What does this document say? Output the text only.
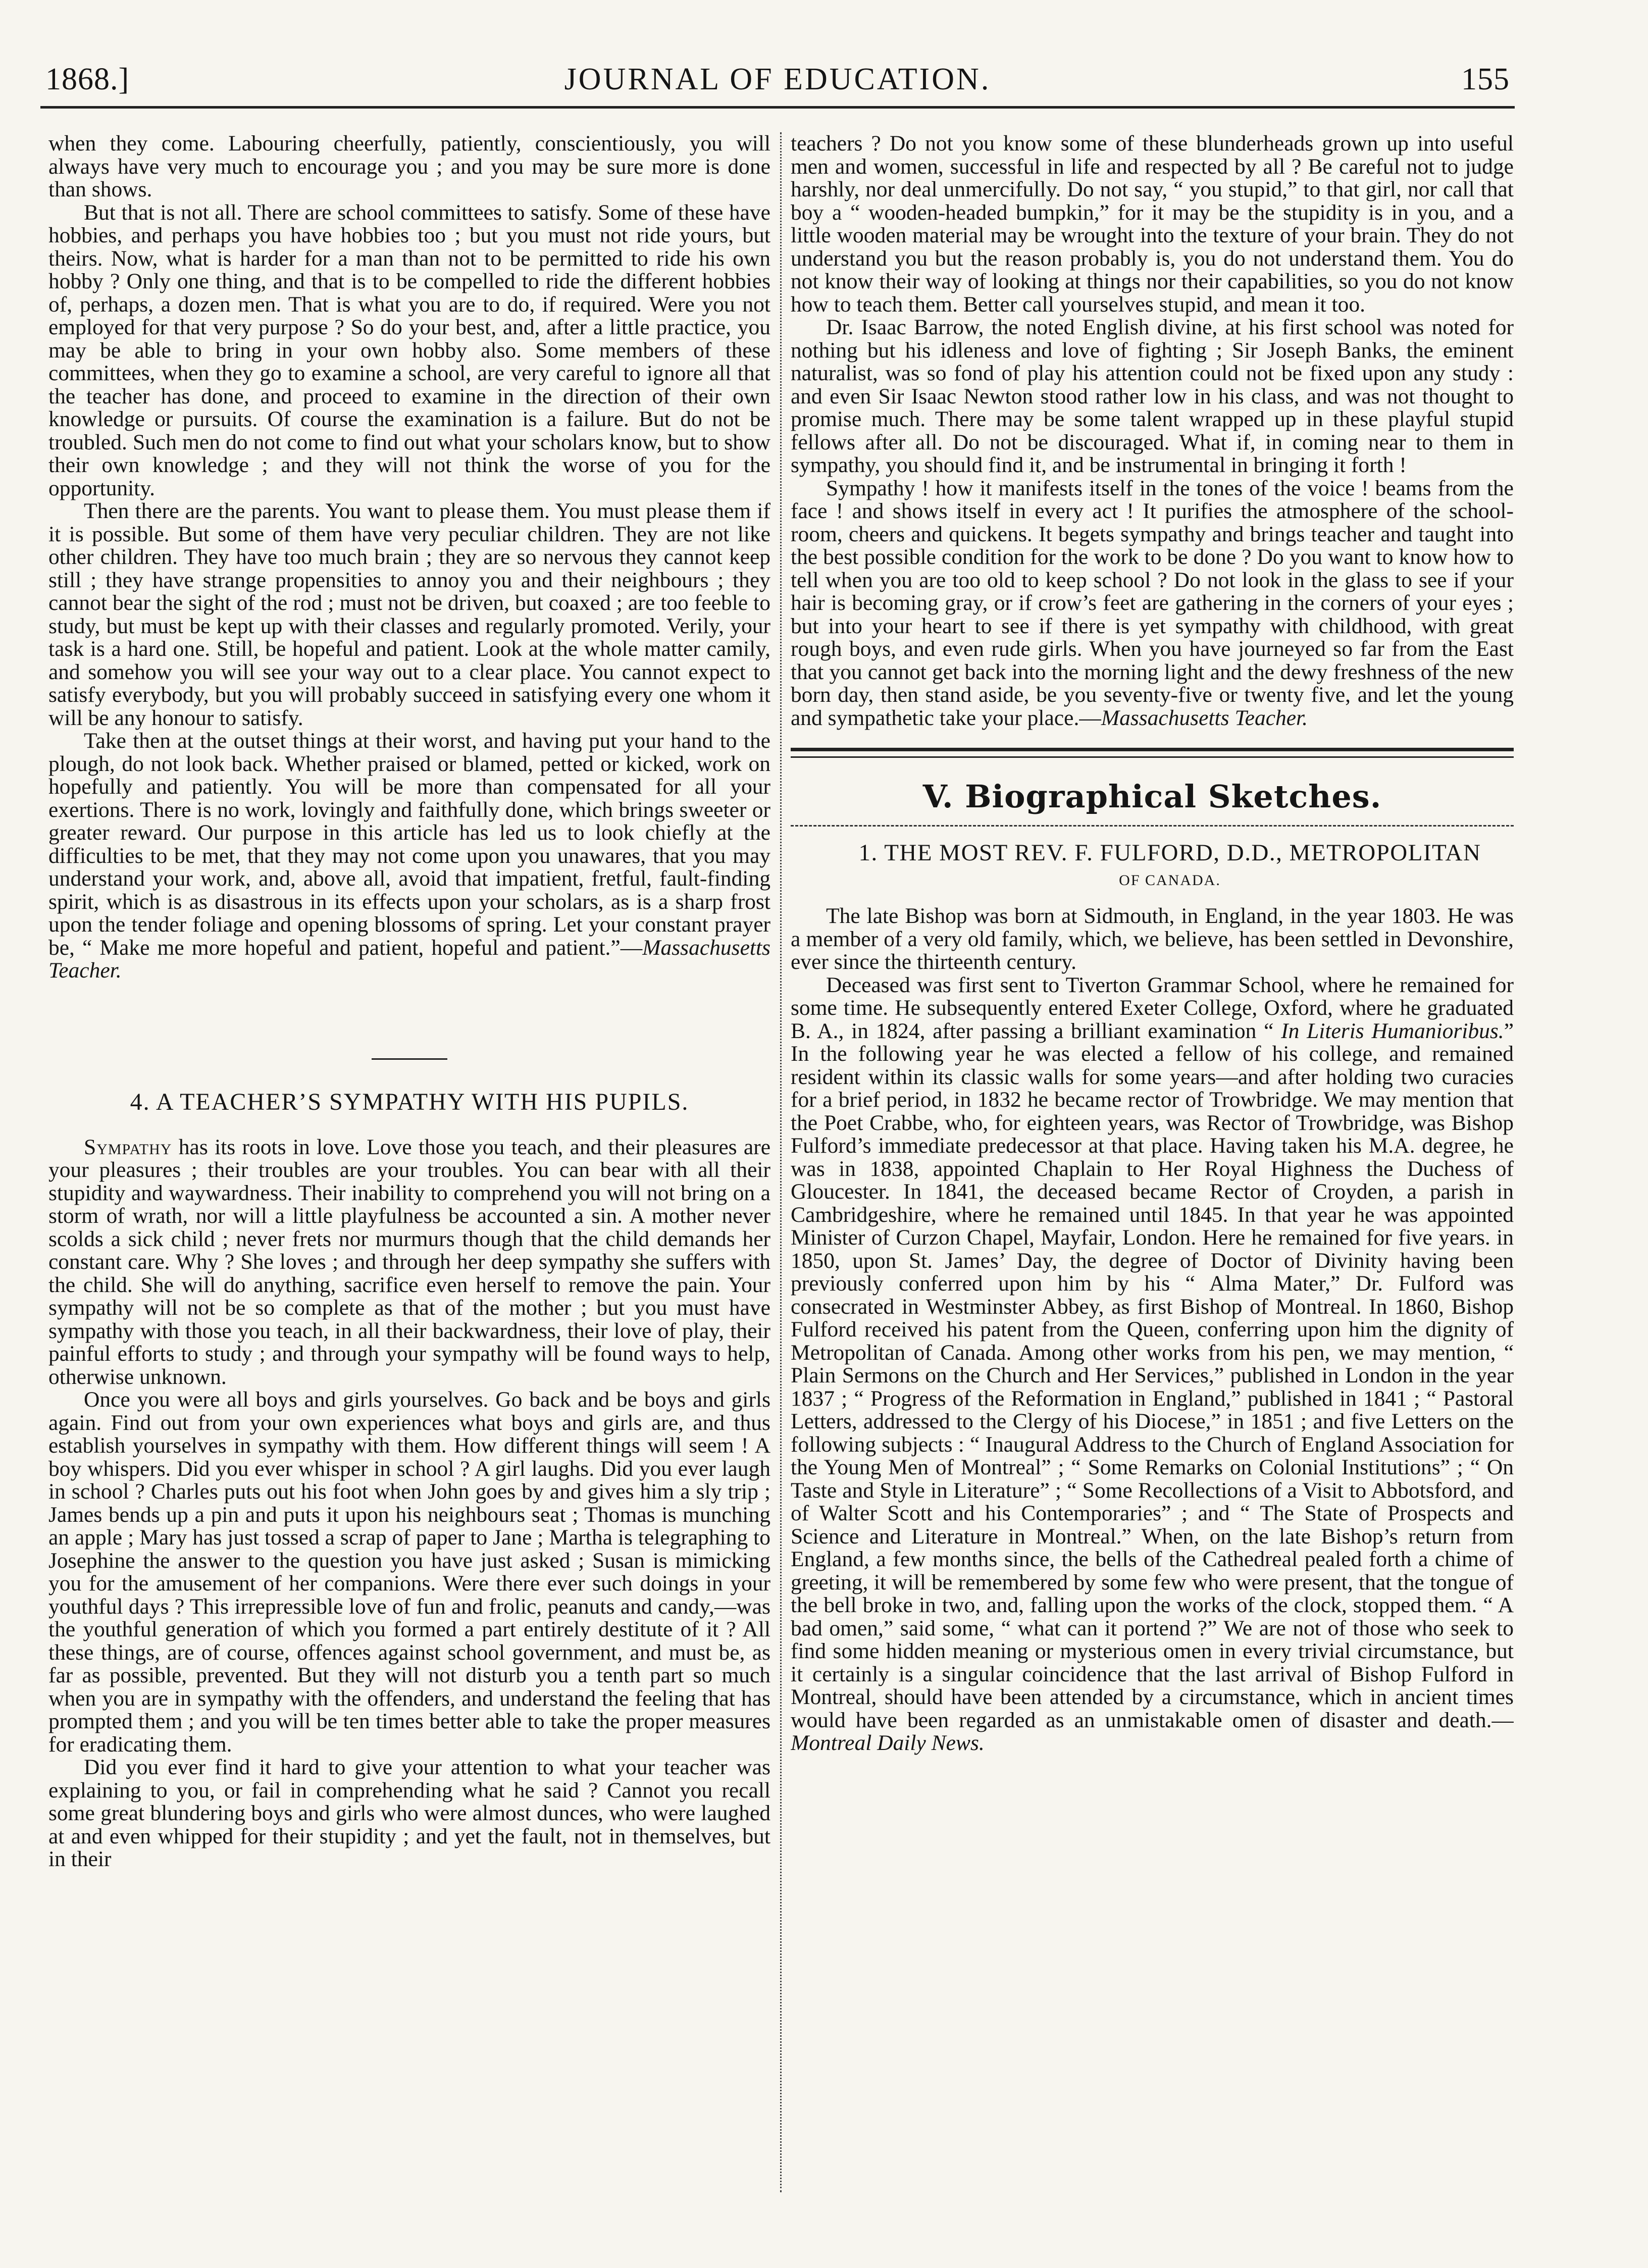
1868.]	JOURNAL OF EDUCATION.	155

when they come. Labouring cheerfully, patiently, conscientiously, you will always have very much to encourage you ; and you may be sure more is done than shows.

But that is not all. There are school committees to satisfy. Some of these have hobbies, and perhaps you have hobbies too ; but you must not ride yours, but theirs. Now, what is harder for a man than not to be permitted to ride his own hobby ? Only one thing, and that is to be compelled to ride the different hobbies of, perhaps, a dozen men. That is what you are to do, if required. Were you not employed for that very purpose ? So do your best, and, after a little practice, you may be able to bring in your own hobby also. Some members of these committees, when they go to examine a school, are very careful to ignore all that the teacher has done, and proceed to examine in the direction of their own knowledge or pursuits. Of course the examination is a failure. But do not be troubled. Such men do not come to find out what your scholars know, but to show their own knowledge ; and they will not think the worse of you for the opportunity.

Then there are the parents. You want to please them. You must please them if it is possible. But some of them have very peculiar children. They are not like other children. They have too much brain ; they are so nervous they cannot keep still ; they have strange propensities to annoy you and their neighbours ; they cannot bear the sight of the rod ; must not be driven, but coaxed ; are too feeble to study, but must be kept up with their classes and regularly promoted. Verily, your task is a hard one. Still, be hopeful and patient. Look at the whole matter camily, and somehow you will see your way out to a clear place. You cannot expect to satisfy everybody, but you will probably succeed in satisfying every one whom it will be any honour to satisfy.

Take then at the outset things at their worst, and having put your hand to the plough, do not look back. Whether praised or blamed, petted or kicked, work on hopefully and patiently. You will be more than compensated for all your exertions. There is no work, lovingly and faithfully done, which brings sweeter or greater reward. Our purpose in this article has led us to look chiefly at the difficulties to be met, that they may not come upon you unawares, that you may understand your work, and, above all, avoid that impatient, fretful, fault-finding spirit, which is as disastrous in its effects upon your scholars, as is a sharp frost upon the tender foliage and opening blossoms of spring. Let your constant prayer be, “ Make me more hopeful and patient, hopeful and patient.”—Massachusetts Teacher.

4. A TEACHER’S SYMPATHY WITH HIS PUPILS.

Sympathy has its roots in love. Love those you teach, and their pleasures are your pleasures ; their troubles are your troubles. You can bear with all their stupidity and waywardness. Their inability to comprehend you will not bring on a storm of wrath, nor will a little playfulness be accounted a sin. A mother never scolds a sick child ; never frets nor murmurs though that the child demands her constant care. Why ? She loves ; and through her deep sympathy she suffers with the child. She will do anything, sacrifice even herself to remove the pain. Your sympathy will not be so complete as that of the mother ; but you must have sympathy with those you teach, in all their backwardness, their love of play, their painful efforts to study ; and through your sympathy will be found ways to help, otherwise unknown.

Once you were all boys and girls yourselves. Go back and be boys and girls again. Find out from your own experiences what boys and girls are, and thus establish yourselves in sympathy with them. How different things will seem ! A boy whispers. Did you ever whisper in school ? A girl laughs. Did you ever laugh in school ? Charles puts out his foot when John goes by and gives him a sly trip ; James bends up a pin and puts it upon his neighbours seat ; Thomas is munching an apple ; Mary has just tossed a scrap of paper to Jane ; Martha is telegraphing to Josephine the answer to the question you have just asked ; Susan is mimicking you for the amusement of her companions. Were there ever such doings in your youthful days ? This irrepressible love of fun and frolic, peanuts and candy,—was the youthful generation of which you formed a part entirely destitute of it ? All these things, are of course, offences against school government, and must be, as far as possible, prevented. But they will not disturb you a tenth part so much when you are in sympathy with the offenders, and understand the feeling that has prompted them ; and you will be ten times better able to take the proper measures for eradicating them.

Did you ever find it hard to give your attention to what your teacher was explaining to you, or fail in comprehending what he said ? Cannot you recall some great blundering boys and girls who were almost dunces, who were laughed at and even whipped for their stupidity ; and yet the fault, not in themselves, but in their

teachers ? Do not you know some of these blunderheads grown up into useful men and women, successful in life and respected by all ? Be careful not to judge harshly, nor deal unmercifully. Do not say, “ you stupid,” to that girl, nor call that boy a “ wooden-headed bumpkin,” for it may be the stupidity is in you, and a little wooden material may be wrought into the texture of your brain. They do not understand you but the reason probably is, you do not understand them. You do not know their way of looking at things nor their capabilities, so you do not know how to teach them. Better call yourselves stupid, and mean it too.

Dr. Isaac Barrow, the noted English divine, at his first school was noted for nothing but his idleness and love of fighting ; Sir Joseph Banks, the eminent naturalist, was so fond of play his attention could not be fixed upon any study : and even Sir Isaac Newton stood rather low in his class, and was not thought to promise much. There may be some talent wrapped up in these playful stupid fellows after all. Do not be discouraged. What if, in coming near to them in sympathy, you should find it, and be instrumental in bringing it forth !

Sympathy ! how it manifests itself in the tones of the voice ! beams from the face ! and shows itself in every act ! It purifies the atmosphere of the school-room, cheers and quickens. It begets sympathy and brings teacher and taught into the best possible condition for the work to be done ? Do you want to know how to tell when you are too old to keep school ? Do not look in the glass to see if your hair is becoming gray, or if crow’s feet are gathering in the corners of your eyes ; but into your heart to see if there is yet sympathy with childhood, with great rough boys, and even rude girls. When you have journeyed so far from the East that you cannot get back into the morning light and the dewy freshness of the new born day, then stand aside, be you seventy-five or twenty five, and let the young and sympathetic take your place.—Massachusetts Teacher.

V. Biographical Sketches.

1. THE MOST REV. F. FULFORD, D.D., METROPOLITAN

OF CANADA.

The late Bishop was born at Sidmouth, in England, in the year 1803. He was a member of a very old family, which, we believe, has been settled in Devonshire, ever since the thirteenth century.

Deceased was first sent to Tiverton Grammar School, where he remained for some time. He subsequently entered Exeter College, Oxford, where he graduated B. A., in 1824, after passing a brilliant examination “ In Literis Humanioribus.” In the following year he was elected a fellow of his college, and remained resident within its classic walls for some years—and after holding two curacies for a brief period, in 1832 he became rector of Trowbridge. We may mention that the Poet Crabbe, who, for eighteen years, was Rector of Trowbridge, was Bishop Fulford’s immediate predecessor at that place. Having taken his M.A. degree, he was in 1838, appointed Chaplain to Her Royal Highness the Duchess of Gloucester. In 1841, the deceased became Rector of Croyden, a parish in Cambridgeshire, where he remained until 1845. In that year he was appointed Minister of Curzon Chapel, Mayfair, London. Here he remained for five years. in 1850, upon St. James’ Day, the degree of Doctor of Divinity having been previously conferred upon him by his “ Alma Mater,” Dr. Fulford was consecrated in Westminster Abbey, as first Bishop of Montreal. In 1860, Bishop Fulford received his patent from the Queen, conferring upon him the dignity of Metropolitan of Canada. Among other works from his pen, we may mention, “ Plain Sermons on the Church and Her Services,” published in London in the year 1837 ; “ Progress of the Reformation in England,” published in 1841 ; “ Pastoral Letters, addressed to the Clergy of his Diocese,” in 1851 ; and five Letters on the following subjects : “ Inaugural Address to the Church of England Association for the Young Men of Montreal” ; “ Some Remarks on Colonial Institutions” ; “ On Taste and Style in Literature” ; “ Some Recollections of a Visit to Abbotsford, and of Walter Scott and his Contemporaries” ; and “ The State of Prospects and Science and Literature in Montreal.” When, on the late Bishop’s return from England, a few months since, the bells of the Cathedreal pealed forth a chime of greeting, it will be remembered by some few who were present, that the tongue of the bell broke in two, and, falling upon the works of the clock, stopped them. “ A bad omen,” said some, “ what can it portend ?” We are not of those who seek to find some hidden meaning or mysterious omen in every trivial circumstance, but it certainly is a singular coincidence that the last arrival of Bishop Fulford in Montreal, should have been attended by a circumstance, which in ancient times would have been regarded as an unmistakable omen of disaster and death.—Montreal Daily News.
